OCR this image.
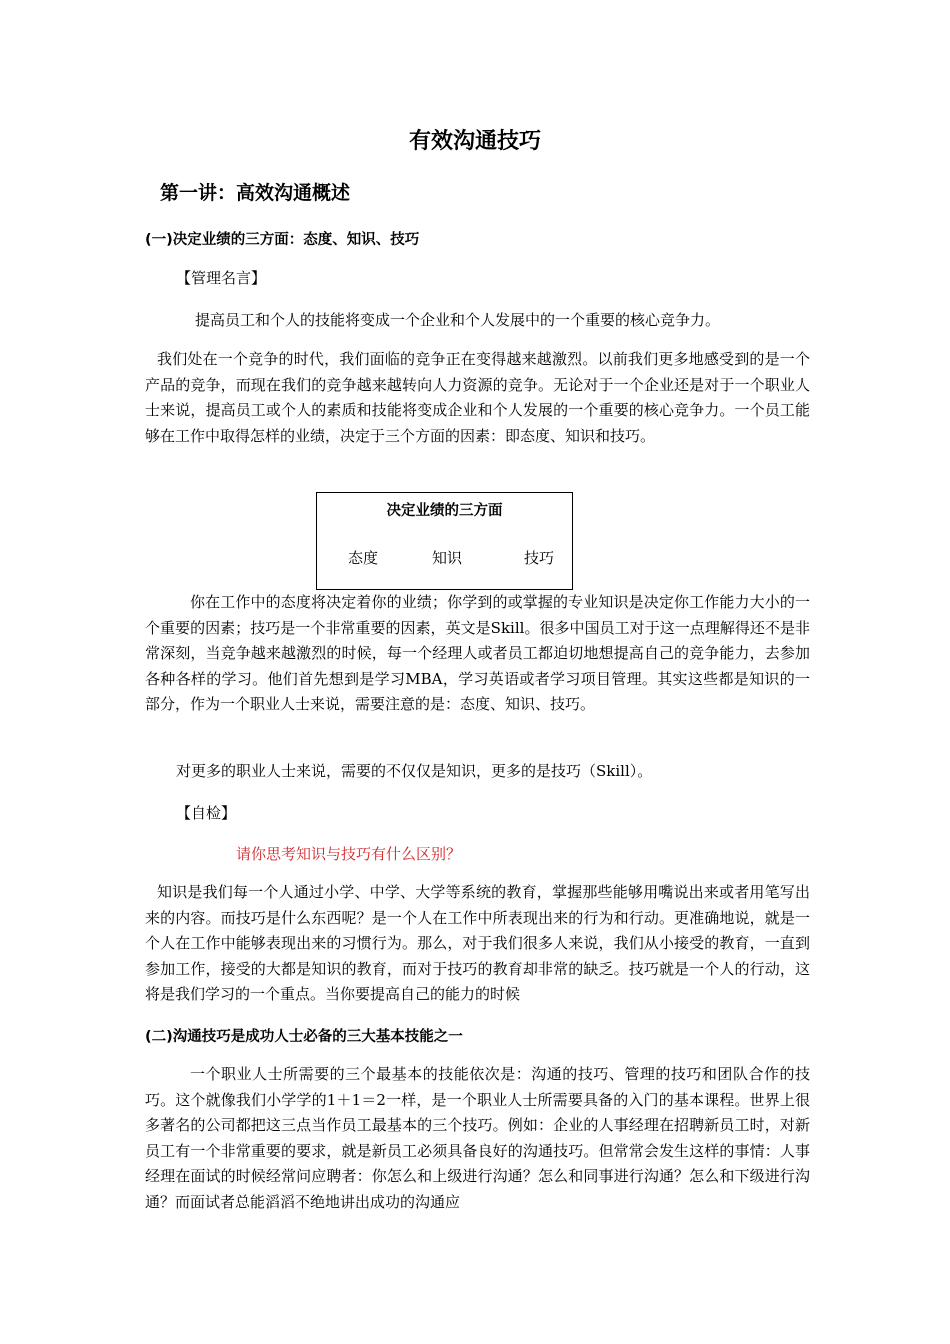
有效沟通技巧
第一讲：高效沟通概述
(一)决定业绩的三方面：态度、知识、技巧
【管理名言】
提高员工和个人的技能将变成一个企业和个人发展中的一个重要的核心竞争力。

我们处在一个竞争的时代，我们面临的竞争正在变得越来越激烈。以前我们更多地感受到的是一个产品的竞争，而现在我们的竞争越来越转向人力资源的竞争。无论对于一个企业还是对于一个职业人士来说，提高员工或个人的素质和技能将变成企业和个人发展的一个重要的核心竞争力。一个员工能够在工作中取得怎样的业绩，决定于三个方面的因素：即态度、知识和技巧。

决定业绩的三方面
态度	知识	技巧

你在工作中的态度将决定着你的业绩；你学到的或掌握的专业知识是决定你工作能力大小的一个重要的因素；技巧是一个非常重要的因素，英文是Skill。很多中国员工对于这一点理解得还不是非常深刻，当竞争越来越激烈的时候，每一个经理人或者员工都迫切地想提高自己的竞争能力，去参加各种各样的学习。他们首先想到是学习MBA，学习英语或者学习项目管理。其实这些都是知识的一部分，作为一个职业人士来说，需要注意的是：态度、知识、技巧。

对更多的职业人士来说，需要的不仅仅是知识，更多的是技巧（Skill）。
【自检】
请你思考知识与技巧有什么区别？

知识是我们每一个人通过小学、中学、大学等系统的教育，掌握那些能够用嘴说出来或者用笔写出来的内容。而技巧是什么东西呢？是一个人在工作中所表现出来的行为和行动。更准确地说，就是一个人在工作中能够表现出来的习惯行为。那么，对于我们很多人来说，我们从小接受的教育，一直到参加工作，接受的大都是知识的教育，而对于技巧的教育却非常的缺乏。技巧就是一个人的行动，这将是我们学习的一个重点。当你要提高自己的能力的时候

(二)沟通技巧是成功人士必备的三大基本技能之一

一个职业人士所需要的三个最基本的技能依次是：沟通的技巧、管理的技巧和团队合作的技巧。这个就像我们小学学的1＋1＝2一样，是一个职业人士所需要具备的入门的基本课程。世界上很多著名的公司都把这三点当作员工最基本的三个技巧。例如：企业的人事经理在招聘新员工时，对新员工有一个非常重要的要求，就是新员工必须具备良好的沟通技巧。但常常会发生这样的事情：人事经理在面试的时候经常问应聘者：你怎么和上级进行沟通？怎么和同事进行沟通？怎么和下级进行沟通？而面试者总能滔滔不绝地讲出成功的沟通应
